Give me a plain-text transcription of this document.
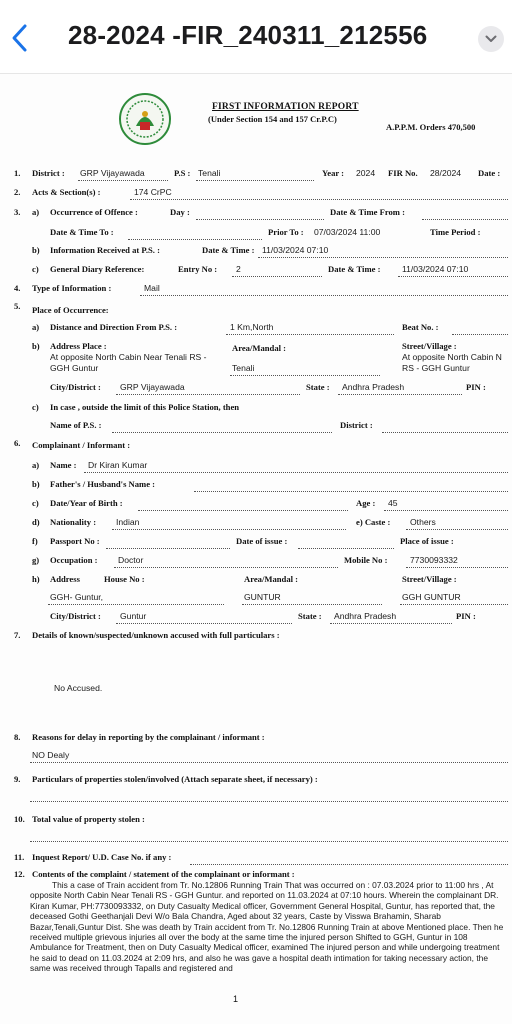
28-2024 -FIR_240311_212556
FIRST INFORMATION REPORT
(Under Section 154 and 157 Cr.P.C)
A.P.P.M. Orders 470,500
1. District : GRP Vijayawada	P.S : Tenali	Year : 2024 FIR No. 28/2024 Date :
2. Acts & Section(s) :	174 CrPC
3. a) Occurrence of Offence :	Day :	Date & Time From :
Date & Time To :	Prior To : 07/03/2024 11:00	Time Period :
b) Information Received at P.S. :	Date & Time : 11/03/2024 07:10
c) General Diary Reference:	Entry No : 2	Date & Time :	11/03/2024 07:10
4. Type of Information :	Mail
5. Place of Occurrence:
a) Distance and Direction From P.S. :	1 Km,North	Beat No. :
b) Address Place :
At opposite North Cabin Near Tenali RS -
GGH Guntur
Area/Mandal :
Tenali
Street/Village :
At opposite North Cabin N
RS - GGH Guntur
City/District : GRP Vijayawada	State : Andhra Pradesh	PIN :
c) In case , outside the limit of this Police Station, then
Name of P.S. :	District :
6. Complainant / Informant :
a) Name : Dr Kiran Kumar
b) Father's / Husband's Name :
c) Date/Year of Birth :	Age : 45
d) Nationality : Indian	e) Caste : Others
f) Passport No :	Date of issue :	Place of issue :
g) Occupation : Doctor	Mobile No :	7730093332
h) Address	House No :	Area/Mandal :	Street/Village :
GGH- Guntur,	GUNTUR	GGH GUNTUR
City/District : Guntur	State : Andhra Pradesh	PIN :
7. Details of known/suspected/unknown accused with full particulars :
No Accused.
8. Reasons for delay in reporting by the complainant / informant :
NO Dealy
9. Particulars of properties stolen/involved (Attach separate sheet, if necessary) :
10. Total value of property stolen :
11. Inquest Report/ U.D. Case No. if any :
12. Contents of the complaint / statement of the complainant or informant :
This a case of Train accident from Tr. No.12806 Running Train That was occurred on : 07.03.2024 prior to 11:00 hrs , At opposite North Cabin Near Tenali RS - GGH Guntur. and reported on 11.03.2024 at 07:10 hours. Wherein the complainant DR. Kiran Kumar, PH:7730093332, on Duty Casualty Medical officer, Government General Hospital, Guntur, has reported that, the deceased Gothi Geethanjali Devi W/o Bala Chandra, Aged about 32 years, Caste by Visswa Brahamin, Sharab Bazar,Tenali,Guntur Dist. She was death by Train accident from Tr. No.12806 Running Train at above Mentioned place. Then he received multiple grievous injuries all over the body at the same time the injured person Shifted to GGH, Guntur in 108 Ambulance for Treatment, then on Duty Casualty Medical officer, examined The injured person and while undergoing treatment he said to dead on 11.03.2024 at 2:09 hrs, and also he was gave a hospital death intimation for taking necessary action, the same was received through Tapalls and registered and
1
